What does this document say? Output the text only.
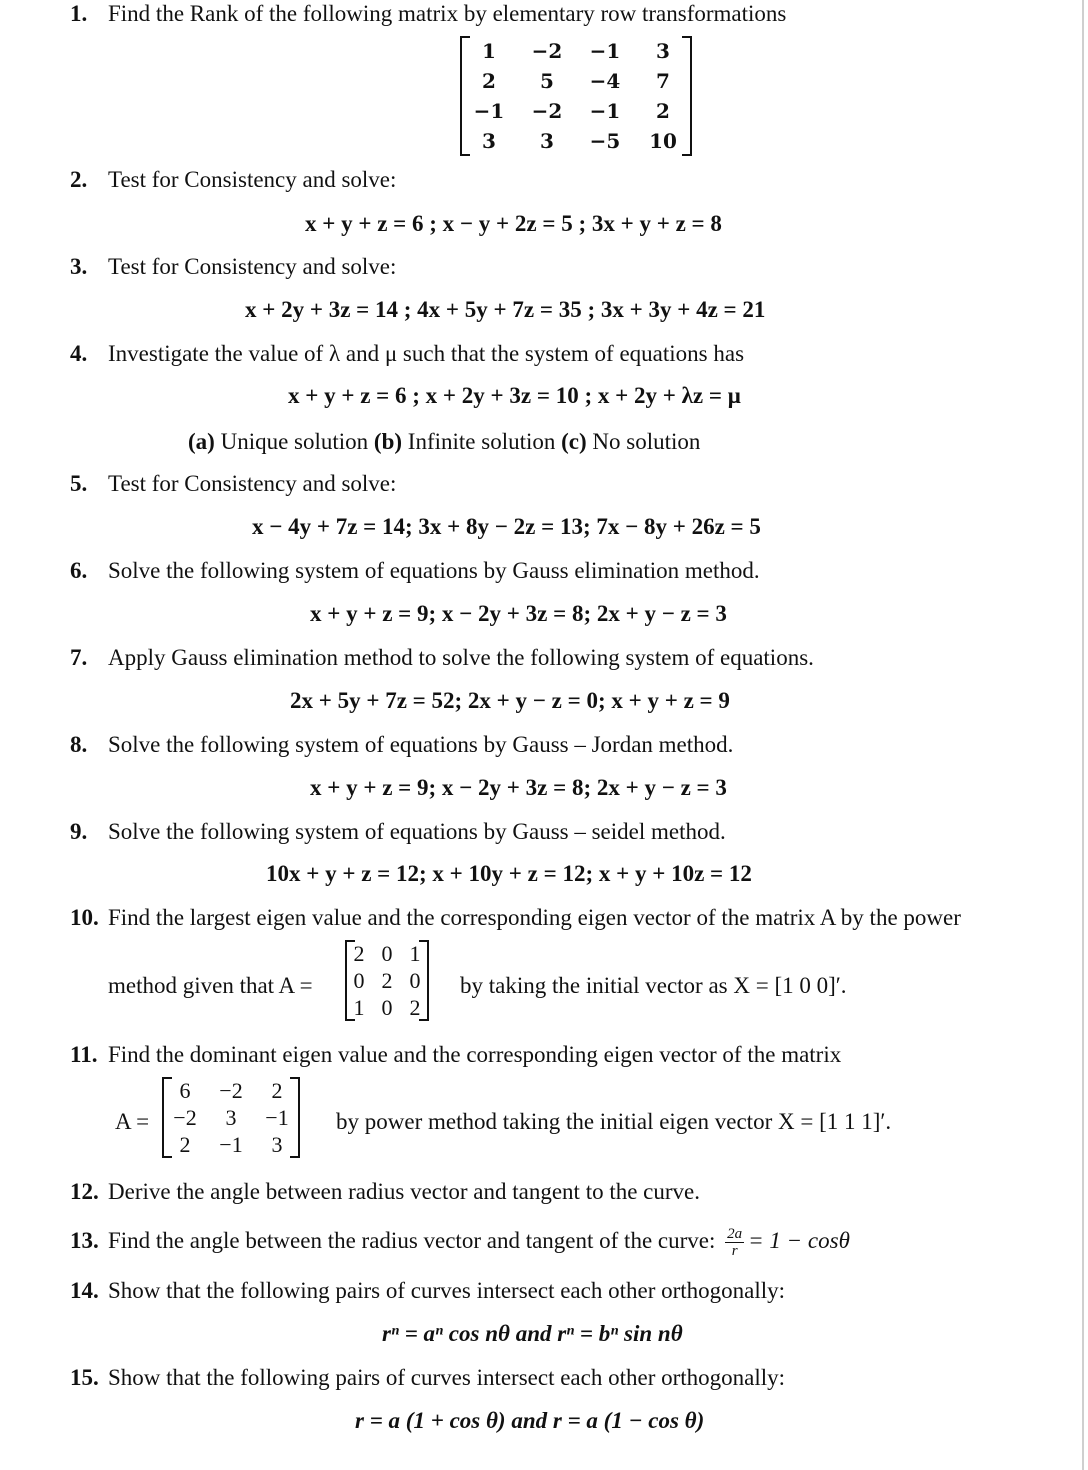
1. Find the Rank of the following matrix by elementary row transformations
1	−2	−1	3
2	5	−4	7
−1	−2	−1	2
3	3	−5	10
2. Test for Consistency and solve:
x + y + z = 6 ; x − y + 2z = 5 ; 3x + y + z = 8
3. Test for Consistency and solve:
x + 2y + 3z = 14 ; 4x + 5y + 7z = 35 ; 3x + 3y + 4z = 21
4. Investigate the value of λ and μ such that the system of equations has
x + y + z = 6 ; x + 2y + 3z = 10 ; x + 2y + λz = μ
(a) Unique solution (b) Infinite solution (c) No solution
5. Test for Consistency and solve:
x − 4y + 7z = 14; 3x + 8y − 2z = 13; 7x − 8y + 26z = 5
6. Solve the following system of equations by Gauss elimination method.
x + y + z = 9; x − 2y + 3z = 8; 2x + y − z = 3
7. Apply Gauss elimination method to solve the following system of equations.
2x + 5y + 7z = 52; 2x + y − z = 0; x + y + z = 9
8. Solve the following system of equations by Gauss – Jordan method.
x + y + z = 9; x − 2y + 3z = 8; 2x + y − z = 3
9. Solve the following system of equations by Gauss – seidel method.
10x + y + z = 12; x + 10y + z = 12; x + y + 10z = 12
10. Find the largest eigen value and the corresponding eigen vector of the matrix A by the power
method given that A =
2	0	1
0	2	0
1	0	2
by taking the initial vector as X = [1 0 0]′.
11. Find the dominant eigen value and the corresponding eigen vector of the matrix
A =
6	−2	2
−2	3	−1
2	−1	3
by power method taking the initial eigen vector X = [1 1 1]′.
12. Derive the angle between radius vector and tangent to the curve.
13. Find the angle between the radius vector and tangent of the curve: $\frac{2a}{r} = 1 - \cos\theta$
14. Show that the following pairs of curves intersect each other orthogonally:
rⁿ = aⁿ cos nθ and rⁿ = bⁿ sin nθ
15. Show that the following pairs of curves intersect each other orthogonally:
r = a (1 + cos θ) and r = a (1 − cos θ)
